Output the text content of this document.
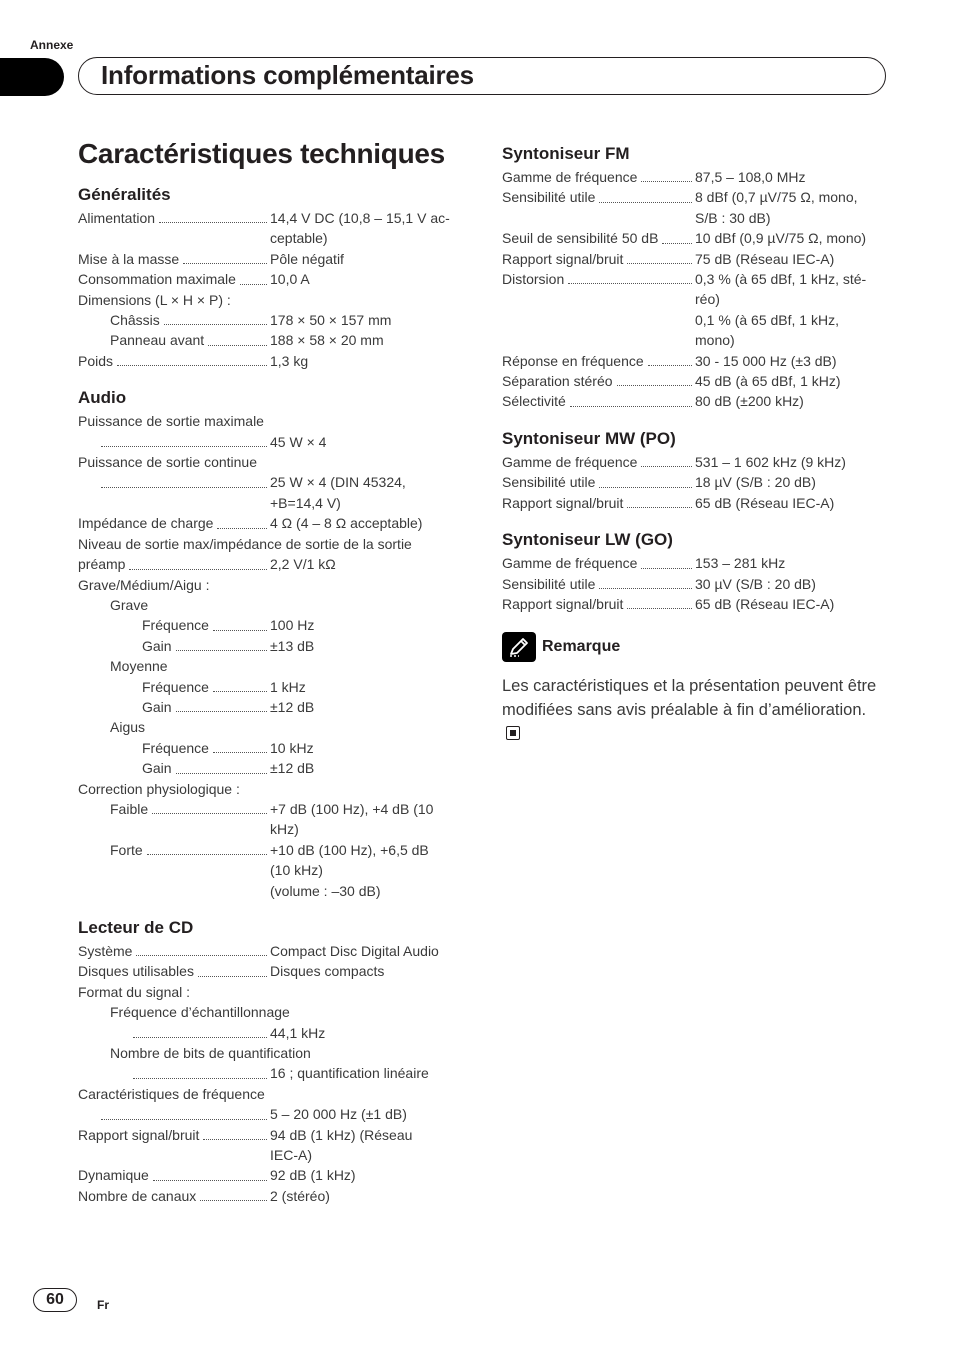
Annexe
Informations complémentaires
Caractéristiques techniques
Généralités
Alimentation	14,4 V DC (10,8 – 15,1 V ac-
ceptable)
Mise à la masse	Pôle négatif
Consommation maximale 10,0 A
Dimensions (L × H × P) :
Châssis	178 × 50 × 157 mm
Panneau avant	188 × 58 × 20 mm
Poids	1,3 kg
Audio
Puissance de sortie maximale
45 W × 4
Puissance de sortie continue
25 W × 4 (DIN 45324,
+B=14,4 V)
Impédance de charge	4 Ω (4 – 8 Ω acceptable)
Niveau de sortie max/impédance de sortie de la sortie
préamp	2,2 V/1 kΩ
Grave/Médium/Aigu :
Grave
Fréquence	100 Hz
Gain	±13 dB
Moyenne
Fréquence	1 kHz
Gain	±12 dB
Aigus
Fréquence	10 kHz
Gain	±12 dB
Correction physiologique :
Faible	+7 dB (100 Hz), +4 dB (10
kHz)
Forte	+10 dB (100 Hz), +6,5 dB
(10 kHz)
(volume : –30 dB)
Lecteur de CD
Système	Compact Disc Digital Audio
Disques utilisables	Disques compacts
Format du signal :
Fréquence d’échantillonnage
44,1 kHz
Nombre de bits de quantification
16 ; quantification linéaire
Caractéristiques de fréquence
5 – 20 000 Hz (±1 dB)
Rapport signal/bruit	94 dB (1 kHz) (Réseau
IEC-A)
Dynamique	92 dB (1 kHz)
Nombre de canaux	2 (stéréo)
Syntoniseur FM
Gamme de fréquence	87,5 – 108,0 MHz
Sensibilité utile	8 dBf (0,7 µV/75 Ω, mono,
S/B : 30 dB)
Seuil de sensibilité 50 dB	10 dBf (0,9 µV/75 Ω, mono)
Rapport signal/bruit	75 dB (Réseau IEC-A)
Distorsion	0,3 % (à 65 dBf, 1 kHz, sté-
réo)
0,1 % (à 65 dBf, 1 kHz,
mono)
Réponse en fréquence	30 - 15 000 Hz (±3 dB)
Séparation stéréo	45 dB (à 65 dBf, 1 kHz)
Sélectivité	80 dB (±200 kHz)
Syntoniseur MW (PO)
Gamme de fréquence	531 – 1 602 kHz (9 kHz)
Sensibilité utile	18 µV (S/B : 20 dB)
Rapport signal/bruit	65 dB (Réseau IEC-A)
Syntoniseur LW (GO)
Gamme de fréquence	153 – 281 kHz
Sensibilité utile	30 µV (S/B : 20 dB)
Rapport signal/bruit	65 dB (Réseau IEC-A)
Remarque
Les caractéristiques et la présentation peuvent être modifiées sans avis préalable à fin d’amélioration.
60	Fr
